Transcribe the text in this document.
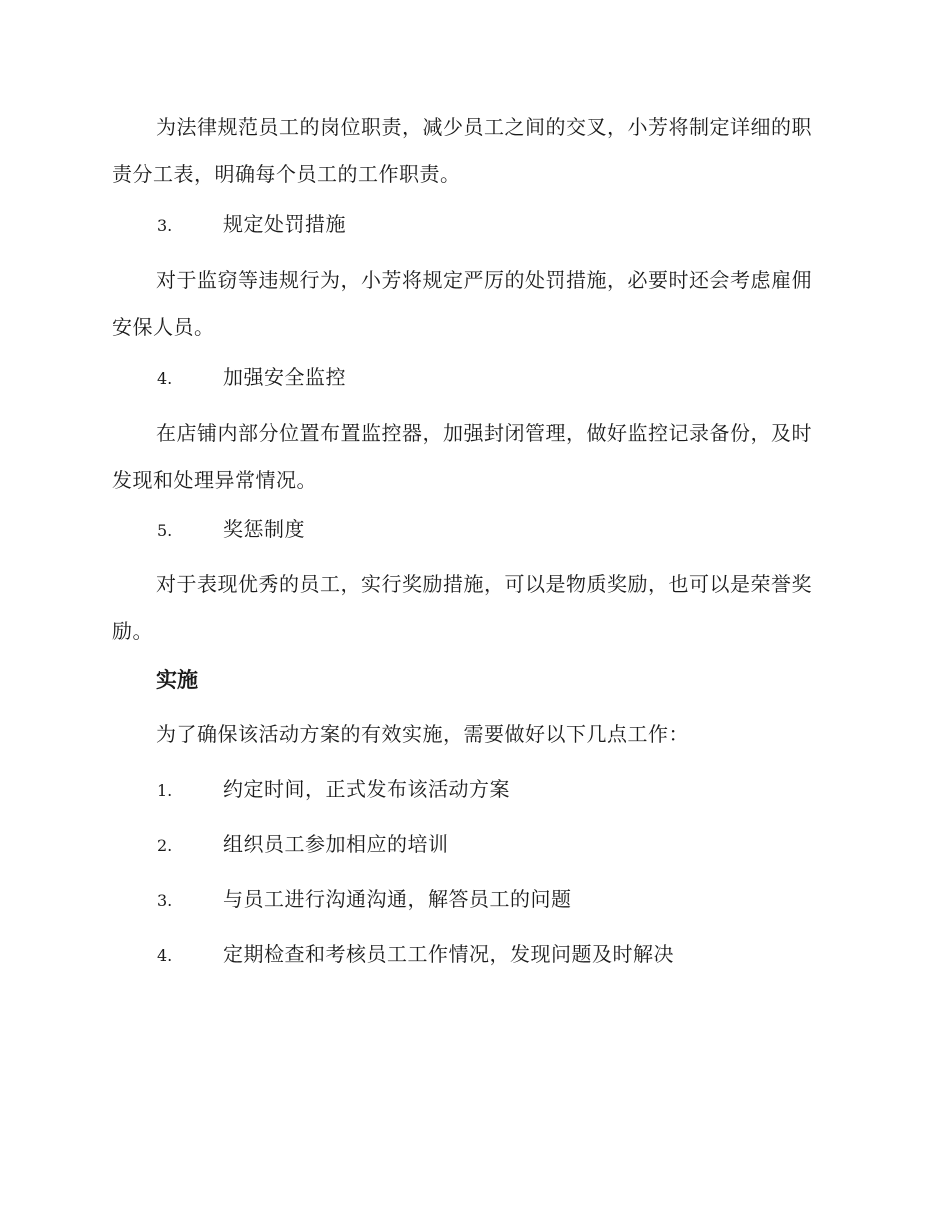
为法律规范员工的岗位职责，减少员工之间的交叉，小芳将制定详细的职责分工表，明确每个员工的工作职责。

3.	规定处罚措施

对于监窃等违规行为，小芳将规定严厉的处罚措施，必要时还会考虑雇佣安保人员。

4.	加强安全监控

在店铺内部分位置布置监控器，加强封闭管理，做好监控记录备份，及时发现和处理异常情况。

5.	奖惩制度

对于表现优秀的员工，实行奖励措施，可以是物质奖励，也可以是荣誉奖励。

实施
为了确保该活动方案的有效实施，需要做好以下几点工作：
1.	约定时间，正式发布该活动方案
2.	组织员工参加相应的培训
3.	与员工进行沟通沟通，解答员工的问题
4.	定期检查和考核员工工作情况，发现问题及时解决
